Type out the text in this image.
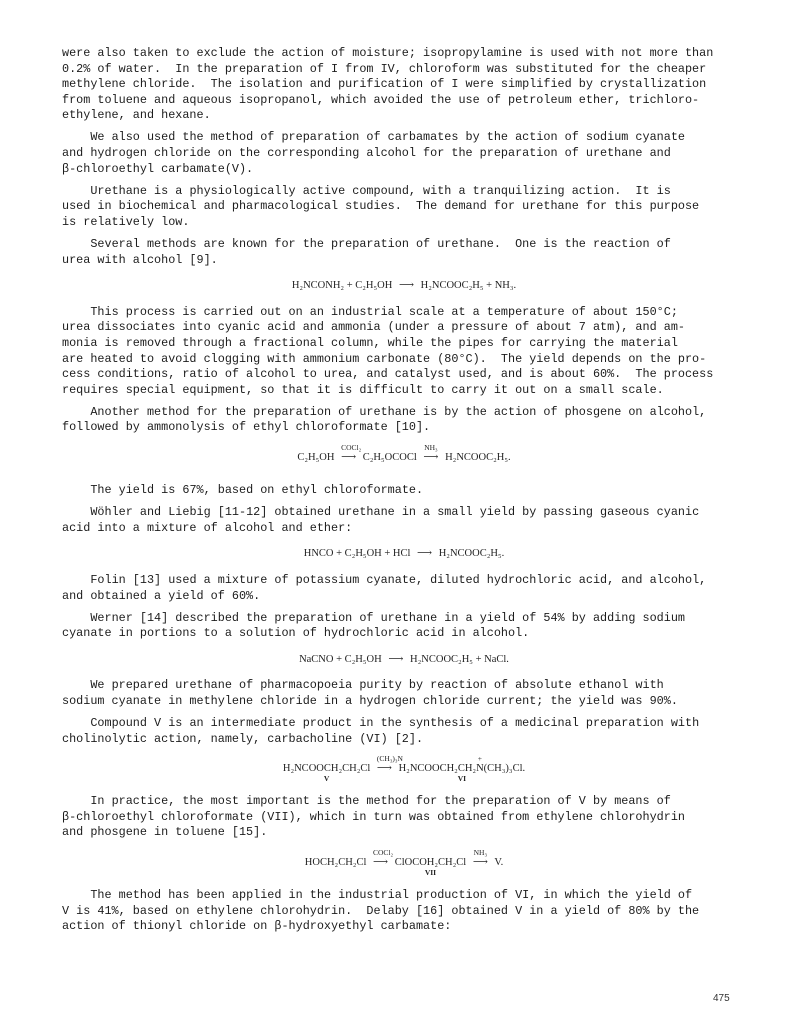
were also taken to exclude the action of moisture; isopropylamine is used with not more than
0.2% of water.  In the preparation of I from IV, chloroform was substituted for the cheaper
methylene chloride.  The isolation and purification of I were simplified by crystallization
from toluene and aqueous isopropanol, which avoided the use of petroleum ether, trichloro-
ethylene, and hexane.

We also used the method of preparation of carbamates by the action of sodium cyanate
and hydrogen chloride on the corresponding alcohol for the preparation of urethane and
β-chloroethyl carbamate(V).

Urethane is a physiologically active compound, with a tranquilizing action.  It is
used in biochemical and pharmacological studies.  The demand for urethane for this purpose
is relatively low.

Several methods are known for the preparation of urethane.  One is the reaction of
urea with alcohol [9].

H₂NCONH₂ + C₂H₅OH ⟶ H₂NCOOC₂H₅ + NH₃.

This process is carried out on an industrial scale at a temperature of about 150°C;
urea dissociates into cyanic acid and ammonia (under a pressure of about 7 atm), and am-
monia is removed through a fractional column, while the pipes for carrying the material
are heated to avoid clogging with ammonium carbonate (80°C).  The yield depends on the pro-
cess conditions, ratio of alcohol to urea, and catalyst used, and is about 60%.  The process
requires special equipment, so that it is difficult to carry it out on a small scale.

Another method for the preparation of urethane is by the action of phosgene on alcohol,
followed by ammonolysis of ethyl chloroformate [10].

C₂H₅OH
COCl₂
⟶ C₂H₅OCOCl
NH₃
⟶ H₂NCOOC₂H₅.

The yield is 67%, based on ethyl chloroformate.

Wöhler and Liebig [11-12] obtained urethane in a small yield by passing gaseous cyanic
acid into a mixture of alcohol and ether:

HNCO + C₂H₅OH + HCl ⟶ H₂NCOOC₂H₅.

Folin [13] used a mixture of potassium cyanate, diluted hydrochloric acid, and alcohol,
and obtained a yield of 60%.

Werner [14] described the preparation of urethane in a yield of 54% by adding sodium
cyanate in portions to a solution of hydrochloric acid in alcohol.

NaCNO + C₂H₅OH ⟶ H₂NCOOC₂H₅ + NaCl.

We prepared urethane of pharmacopoeia purity by reaction of absolute ethanol with
sodium cyanate in methylene chloride in a hydrogen chloride current; the yield was 90%.

Compound V is an intermediate product in the synthesis of a medicinal preparation with
cholinolytic action, namely, carbacholine (VI) [2].

H₂NCOOCH₂CH₂Cl
V

(CH₃)₃N
⟶
+
H₂NCOOCH₂CH₂N(CH₃)₃Cl.
VI

In practice, the most important is the method for the preparation of V by means of
β-chloroethyl chloroformate (VII), which in turn was obtained from ethylene chlorohydrin
and phosgene in toluene [15].

HOCH₂CH₂Cl
COCl₂
⟶ ClOCOH₂CH₂Cl
VII

NH₃
⟶ V.

The method has been applied in the industrial production of VI, in which the yield of
V is 41%, based on ethylene chlorohydrin.  Delaby [16] obtained V in a yield of 80% by the
action of thionyl chloride on β-hydroxyethyl carbamate:

475
